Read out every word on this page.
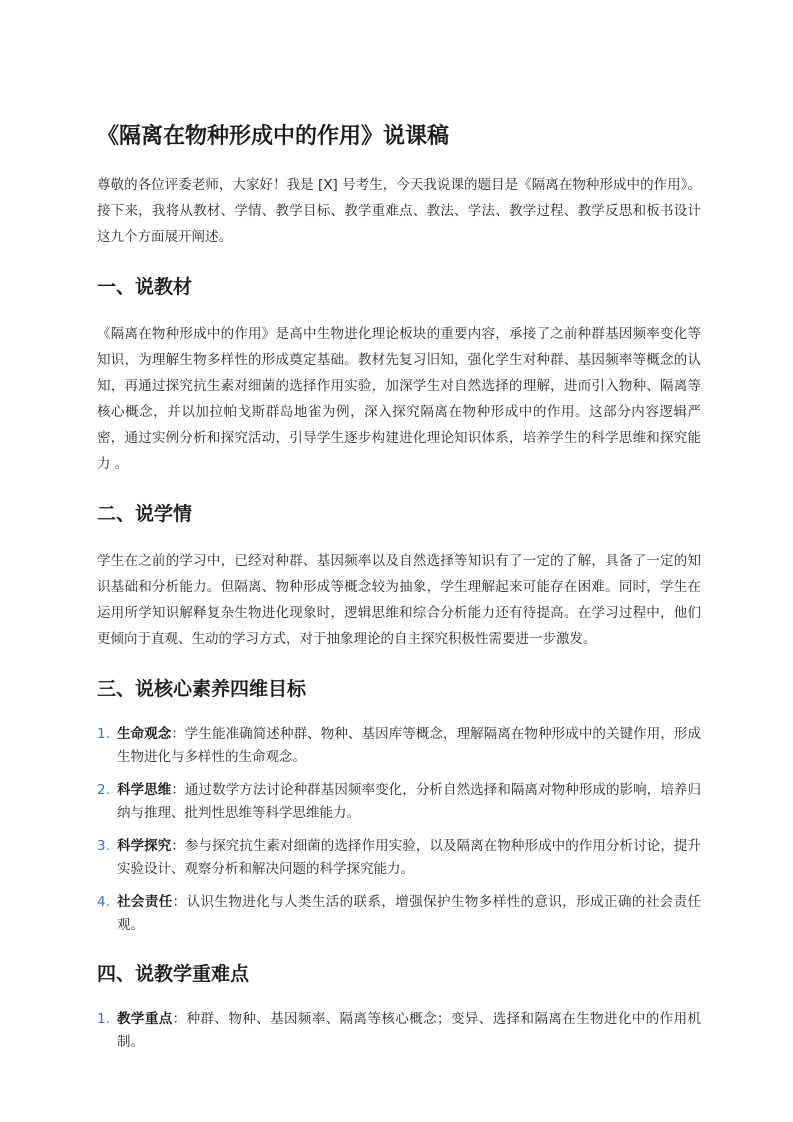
《隔离在物种形成中的作用》说课稿

尊敬的各位评委老师，大家好！我是 [X] 号考生，今天我说课的题目是《隔离在物种形成中的作用》。接下来，我将从教材、学情、教学目标、教学重难点、教法、学法、教学过程、教学反思和板书设计这九个方面展开阐述。

一、说教材

《隔离在物种形成中的作用》是高中生物进化理论板块的重要内容，承接了之前种群基因频率变化等知识，为理解生物多样性的形成奠定基础。教材先复习旧知，强化学生对种群、基因频率等概念的认知，再通过探究抗生素对细菌的选择作用实验，加深学生对自然选择的理解，进而引入物种、隔离等核心概念，并以加拉帕戈斯群岛地雀为例，深入探究隔离在物种形成中的作用。这部分内容逻辑严密，通过实例分析和探究活动，引导学生逐步构建进化理论知识体系，培养学生的科学思维和探究能力 。

二、说学情

学生在之前的学习中，已经对种群、基因频率以及自然选择等知识有了一定的了解，具备了一定的知识基础和分析能力。但隔离、物种形成等概念较为抽象，学生理解起来可能存在困难。同时，学生在运用所学知识解释复杂生物进化现象时，逻辑思维和综合分析能力还有待提高。在学习过程中，他们更倾向于直观、生动的学习方式，对于抽象理论的自主探究积极性需要进一步激发。

三、说核心素养四维目标
1. 生命观念：学生能准确简述种群、物种、基因库等概念，理解隔离在物种形成中的关键作用，形成生物进化与多样性的生命观念。
2. 科学思维：通过数学方法讨论种群基因频率变化，分析自然选择和隔离对物种形成的影响，培养归纳与推理、批判性思维等科学思维能力。
3. 科学探究：参与探究抗生素对细菌的选择作用实验，以及隔离在物种形成中的作用分析讨论，提升实验设计、观察分析和解决问题的科学探究能力。
4. 社会责任：认识生物进化与人类生活的联系，增强保护生物多样性的意识，形成正确的社会责任观。
四、说教学重难点
1. 教学重点：种群、物种、基因频率、隔离等核心概念；变异、选择和隔离在生物进化中的作用机制。
